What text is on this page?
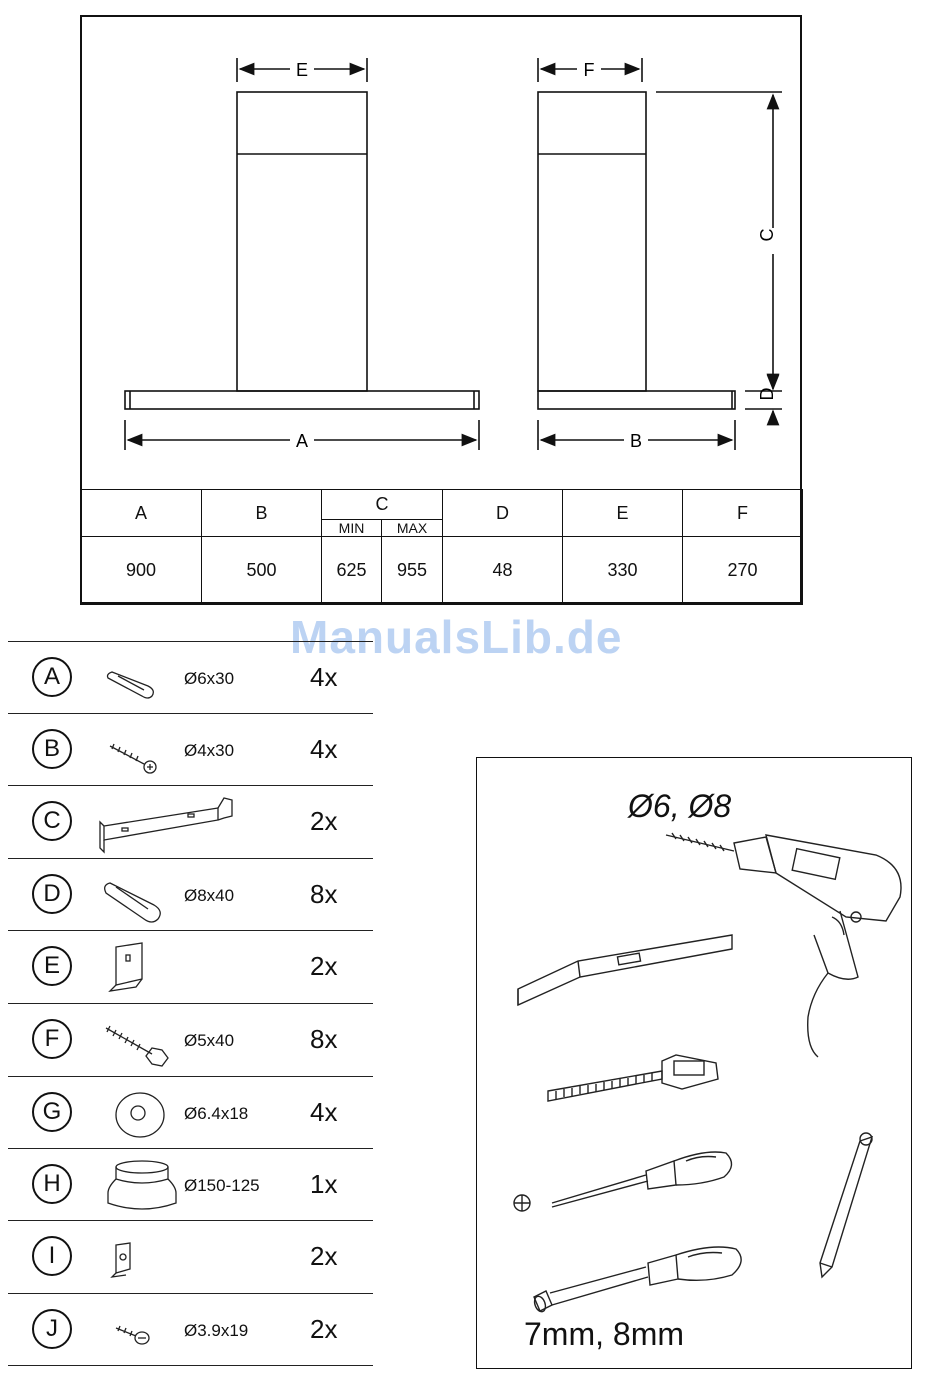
E	F
A	B
C
D
A	B	C		D	E	F
		MIN	MAX			
900	500	625	955	48	330	270
ManualsLib.de
A	Ø6x30	4x
B	Ø4x30	4x
C	2x
D	Ø8x40	8x
E	2x
F	Ø5x40	8x
G	Ø6.4x18 4x
H	Ø150-125 1x
I	2x
J	Ø3.9x19 2x
Ø6, Ø8
7mm, 8mm
